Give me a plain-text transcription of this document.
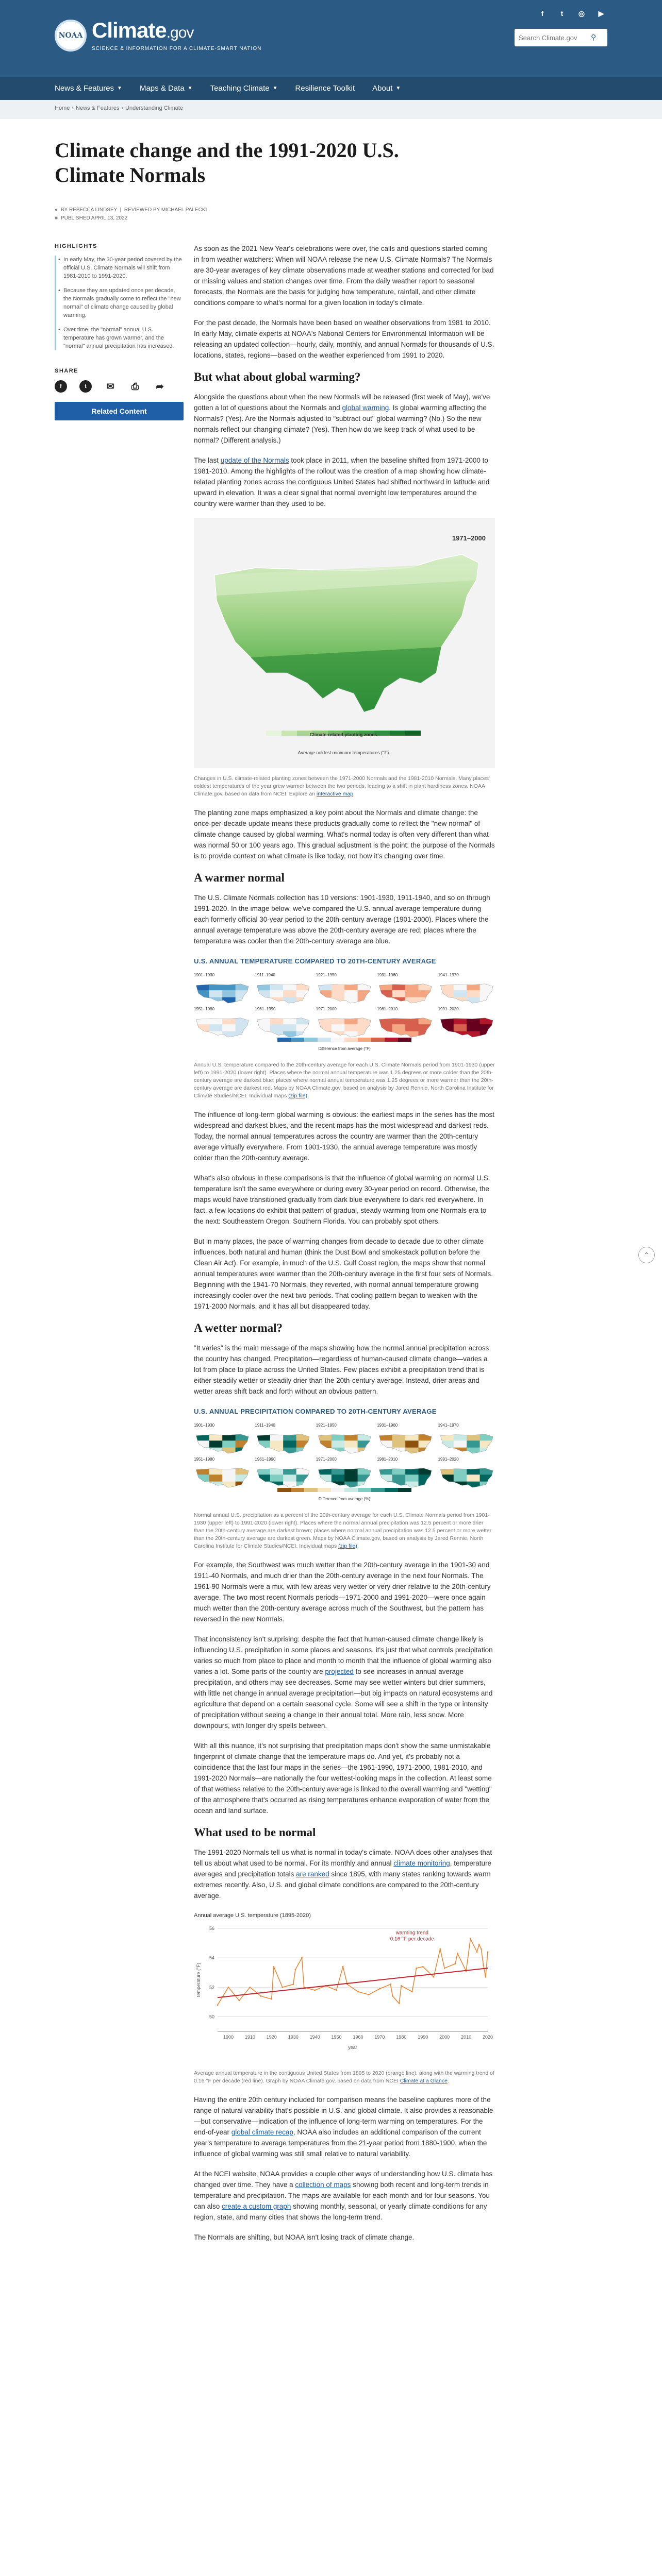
NOAA Climate.gov
SCIENCE & INFORMATION FOR A CLIMATE-SMART NATION
f	t	◎	▶
Search Climate.gov
⚲
News & Features ▼ Maps & Data ▼ Teaching Climate ▼ Resilience Toolkit About ▼
Home › News & Features › Understanding Climate
Climate change and the 1991-2020 U.S. Climate Normals
● BY REBECCA LINDSEY  |  REVIEWED BY MICHAEL PALECKI
■ PUBLISHED APRIL 13, 2022
HIGHLIGHTS
• In early May, the 30-year period covered by the official U.S. Climate Normals will shift from 1981-2010 to 1991-2020.
• Because they are updated once per decade, the Normals gradually come to reflect the "new normal" of climate change caused by global warming.
• Over time, the "normal" annual U.S. temperature has grown warmer, and the "normal" annual precipitation has increased.
SHARE
f	t	✉ ⎙ ➦
Related Content

As soon as the 2021 New Year's celebrations were over, the calls and questions started coming in from weather watchers: When will NOAA release the new U.S. Climate Normals? The Normals are 30-year averages of key climate observations made at weather stations and corrected for bad or missing values and station changes over time. From the daily weather report to seasonal forecasts, the Normals are the basis for judging how temperature, rainfall, and other climate conditions compare to what's normal for a given location in today's climate.

For the past decade, the Normals have been based on weather observations from 1981 to 2010. In early May, climate experts at NOAA's National Centers for Environmental Information will be releasing an updated collection—hourly, daily, monthly, and annual Normals for thousands of U.S. locations, states, regions—based on the weather experienced from 1991 to 2020.

But what about global warming?

Alongside the questions about when the new Normals will be released (first week of May), we've gotten a lot of questions about the Normals and global warming. Is global warming affecting the Normals? (Yes). Are the Normals adjusted to "subtract out" global warming? (No.) So the new normals reflect our changing climate? (Yes). Then how do we keep track of what used to be normal? (Different analysis.)

The last update of the Normals took place in 2011, when the baseline shifted from 1971-2000 to 1981-2010. Among the highlights of the rollout was the creation of a map showing how climate-related planting zones across the contiguous United States had shifted northward in latitude and upward in elevation. It was a clear signal that normal overnight low temperatures around the country were warmer than they used to be.

1971–2000
Climate-related planting zones
Average coldest minimum temperatures (°F)
Changes in U.S. climate-related planting zones between the 1971-2000 Normals and the 1981-2010 Normals. Many places' coldest temperatures of the year grew warmer between the two periods, leading to a shift in plant hardiness zones. NOAA Climate.gov, based on data from NCEI. Explore an interactive map.

The planting zone maps emphasized a key point about the Normals and climate change: the once-per-decade update means these products gradually come to reflect the "new normal" of climate change caused by global warming. What's normal today is often very different than what was normal 50 or 100 years ago. This gradual adjustment is the point: the purpose of the Normals is to provide context on what climate is like today, not how it's changing over time.

A warmer normal

The U.S. Climate Normals collection has 10 versions: 1901-1930, 1911-1940, and so on through 1991-2020. In the image below, we've compared the U.S. annual average temperature during each formerly official 30-year period to the 20th-century average (1901-2000). Places where the annual average temperature was above the 20th-century average are red; places where the temperature was cooler than the 20th-century average are blue.

U.S. ANNUAL TEMPERATURE COMPARED TO 20TH-CENTURY AVERAGE
1901–1930	1911–1940	1921–1950	1931–1960	1941–1970
1951–1980	1961–1990	1971–2000	1981–2010	1991–2020
Difference from average (°F)
Annual U.S. temperature compared to the 20th-century average for each U.S. Climate Normals period from 1901-1930 (upper left) to 1991-2020 (lower right). Places where the normal annual temperature was 1.25 degrees or more colder than the 20th-century average are darkest blue; places where normal annual temperature was 1.25 degrees or more warmer than the 20th-century average are darkest red. Maps by NOAA Climate.gov, based on analysis by Jared Rennie, North Carolina Institute for Climate Studies/NCEI. Individual maps (zip file).

The influence of long-term global warming is obvious: the earliest maps in the series has the most widespread and darkest blues, and the recent maps has the most widespread and darkest reds. Today, the normal annual temperatures across the country are warmer than the 20th-century average virtually everywhere. From 1901-1930, the annual average temperature was mostly colder than the 20th-century average.

What's also obvious in these comparisons is that the influence of global warming on normal U.S. temperature isn't the same everywhere or during every 30-year period on record. Otherwise, the maps would have transitioned gradually from dark blue everywhere to dark red everywhere. In fact, a few locations do exhibit that pattern of gradual, steady warming from one Normals era to the next: Southeastern Oregon. Southern Florida. You can probably spot others.

But in many places, the pace of warming changes from decade to decade due to other climate influences, both natural and human (think the Dust Bowl and smokestack pollution before the Clean Air Act). For example, in much of the U.S. Gulf Coast region, the maps show that normal annual temperatures were warmer than the 20th-century average in the first four sets of Normals. Beginning with the 1941-70 Normals, they reverted, with normal annual temperature growing increasingly cooler over the next two periods. That cooling pattern began to weaken with the 1971-2000 Normals, and it has all but disappeared today.

A wetter normal?

"It varies" is the main message of the maps showing how the normal annual precipitation across the country has changed. Precipitation—regardless of human-caused climate change—varies a lot from place to place across the United States. Few places exhibit a precipitation trend that is either steadily wetter or steadily drier than the 20th-century average. Instead, drier areas and wetter areas shift back and forth without an obvious pattern.

U.S. ANNUAL PRECIPITATION COMPARED TO 20TH-CENTURY AVERAGE
1901–1930	1911–1940	1921–1950	1931–1960	1941–1970
1951–1980	1961–1990	1971–2000	1981–2010	1991–2020
Difference from average (%)
Normal annual U.S. precipitation as a percent of the 20th-century average for each U.S. Climate Normals period from 1901-1930 (upper left) to 1991-2020 (lower right). Places where the normal annual precipitation was 12.5 percent or more drier than the 20th-century average are darkest brown; places where normal annual precipitation was 12.5 percent or more wetter than the 20th-century average are darkest green. Maps by NOAA Climate.gov, based on analysis by Jared Rennie, North Carolina Institute for Climate Studies/NCEI. Individual maps (zip file).

For example, the Southwest was much wetter than the 20th-century average in the 1901-30 and 1911-40 Normals, and much drier than the 20th-century average in the next four Normals. The 1961-90 Normals were a mix, with few areas very wetter or very drier relative to the 20th-century average. The two most recent Normals periods—1971-2000 and 1991-2020—were once again much wetter than the 20th-century average across much of the Southwest, but the pattern has reversed in the new Normals.

That inconsistency isn't surprising: despite the fact that human-caused climate change likely is influencing U.S. precipitation in some places and seasons, it's just that what controls precipitation varies so much from place to place and month to month that the influence of global warming also varies a lot. Some parts of the country are projected to see increases in annual average precipitation, and others may see decreases. Some may see wetter winters but drier summers, with little net change in annual average precipitation—but big impacts on natural ecosystems and agriculture that depend on a certain seasonal cycle. Some will see a shift in the type or intensity of precipitation without seeing a change in their annual total. More rain, less snow. More downpours, with longer dry spells between.

With all this nuance, it's not surprising that precipitation maps don't show the same unmistakable fingerprint of climate change that the temperature maps do. And yet, it's probably not a coincidence that the last four maps in the series—the 1961-1990, 1971-2000, 1981-2010, and 1991-2020 Normals—are nationally the four wettest-looking maps in the collection. At least some of that wetness relative to the 20th-century average is linked to the overall warming and "wetting" of the atmosphere that's occurred as rising temperatures enhance evaporation of water from the ocean and land surface.

What used to be normal

The 1991-2020 Normals tell us what is normal in today's climate. NOAA does other analyses that tell us about what used to be normal. For its monthly and annual climate monitoring, temperature averages and precipitation totals are ranked since 1895, with many states ranking towards warm extremes recently. Also, U.S. and global climate conditions are compared to the 20th-century average.

Annual average U.S. temperature (1895-2020)
50
52
54
56
1900 1910 1920 1930 1940 1950 1960 1970 1980 1990 2000 2010 2020
year
temperature (°F)
warming trend 0.16 °F per decade
Average annual temperature in the contiguous United States from 1895 to 2020 (orange line), along with the warming trend of 0.16 °F per decade (red line). Graph by NOAA Climate.gov, based on data from NCEI Climate at a Glance.

Having the entire 20th century included for comparison means the baseline captures more of the range of natural variability that's possible in U.S. and global climate. It also provides a reasonable—but conservative—indication of the influence of long-term warming on temperatures. For the end-of-year global climate recap, NOAA also includes an additional comparison of the current year's temperature to average temperatures from the 21-year period from 1880-1900, when the influence of global warming was still small relative to natural variability.

At the NCEI website, NOAA provides a couple other ways of understanding how U.S. climate has changed over time. They have a collection of maps showing both recent and long-term trends in temperature and precipitation. The maps are available for each month and for four seasons. You can also create a custom graph showing monthly, seasonal, or yearly climate conditions for any region, state, and many cities that shows the long-term trend.

The Normals are shifting, but NOAA isn't losing track of climate change.

⌃
